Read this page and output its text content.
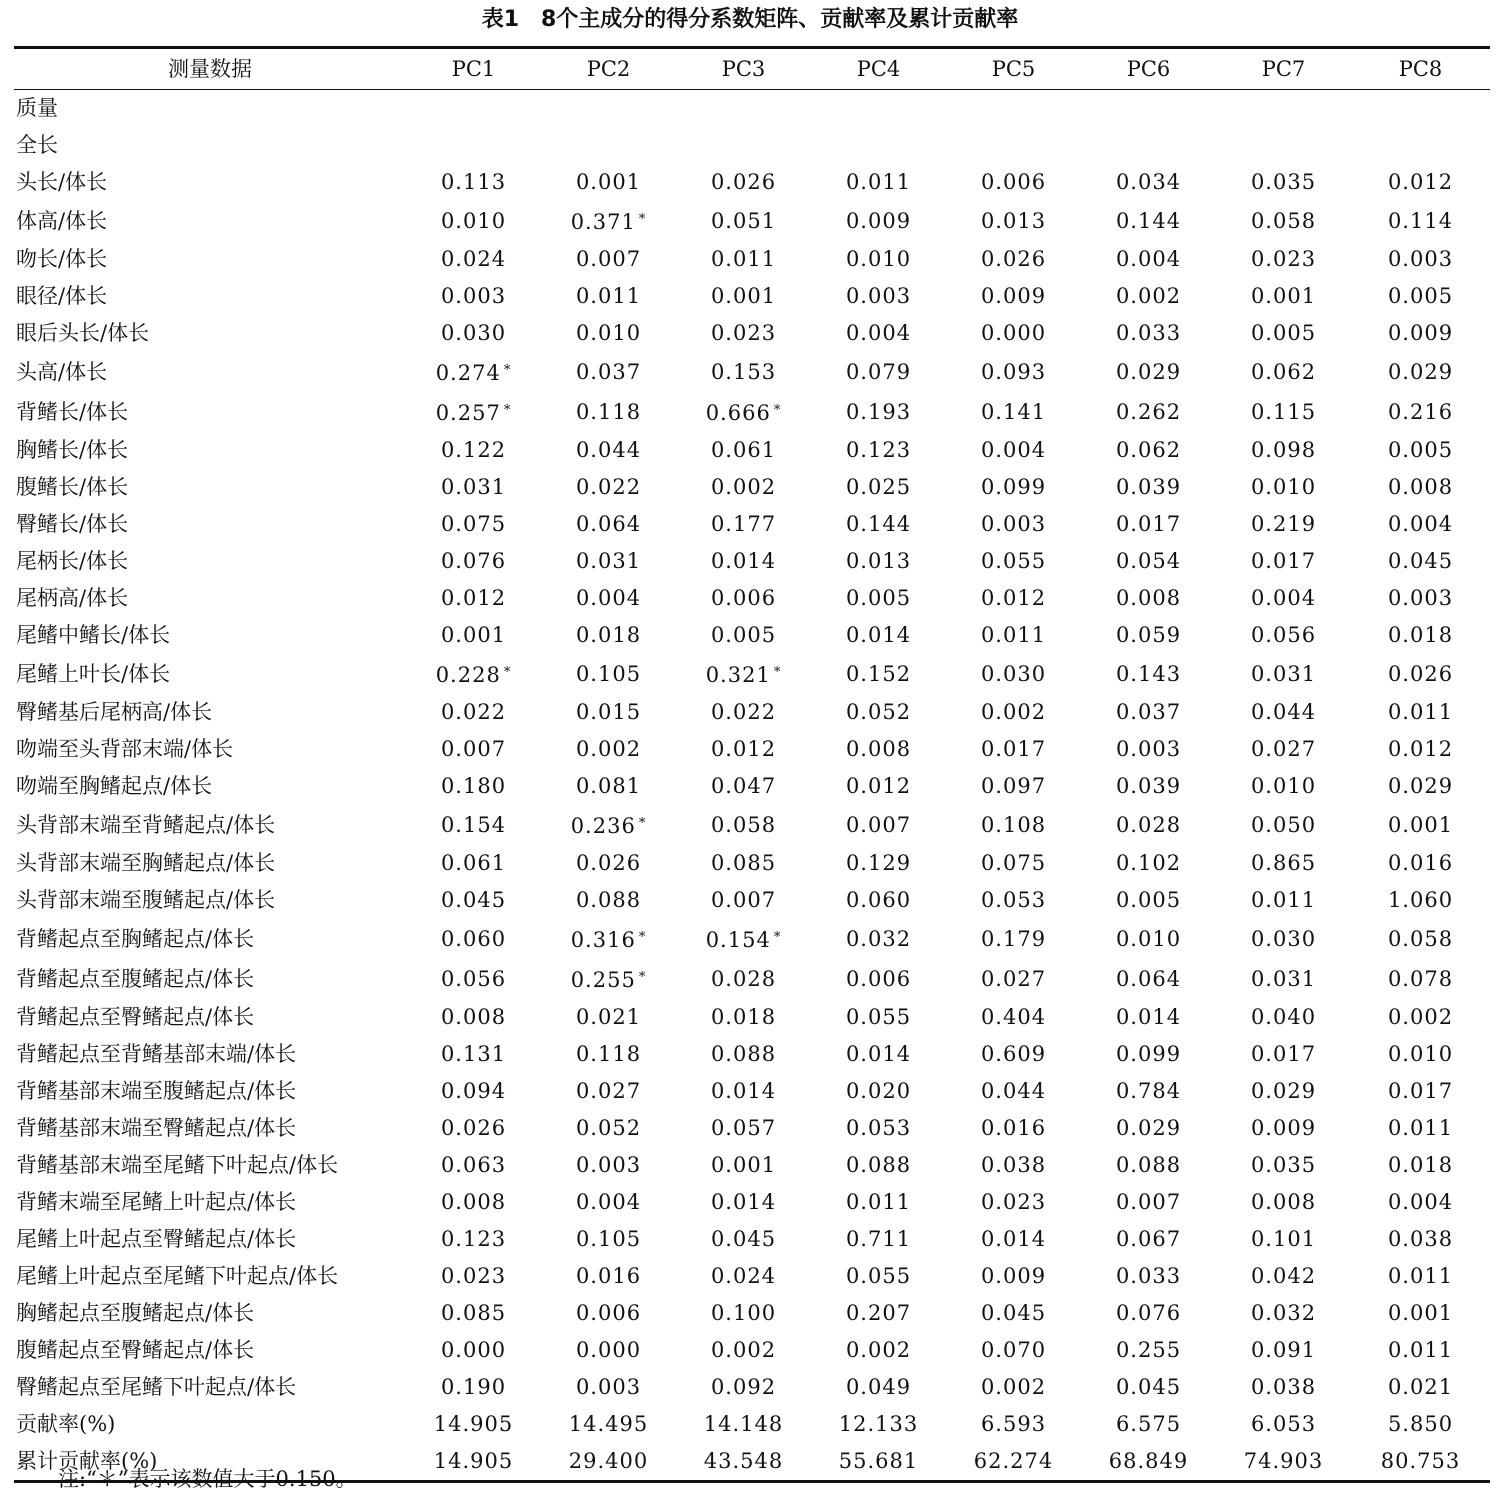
表1　8个主成分的得分系数矩阵、贡献率及累计贡献率
测量数据	PC1	PC2	PC3	PC4	PC5	PC6	PC7	PC8
质量								
全长								
头长/体长	0.113	0.001	0.026	0.011	0.006	0.034	0.035	0.012
体高/体长	0.010	0.371 *	0.051	0.009	0.013	0.144	0.058	0.114
吻长/体长	0.024	0.007	0.011	0.010	0.026	0.004	0.023	0.003
眼径/体长	0.003	0.011	0.001	0.003	0.009	0.002	0.001	0.005
眼后头长/体长	0.030	0.010	0.023	0.004	0.000	0.033	0.005	0.009
头高/体长	0.274 *	0.037	0.153	0.079	0.093	0.029	0.062	0.029
背鳍长/体长	0.257 *	0.118	0.666 *	0.193	0.141	0.262	0.115	0.216
胸鳍长/体长	0.122	0.044	0.061	0.123	0.004	0.062	0.098	0.005
腹鳍长/体长	0.031	0.022	0.002	0.025	0.099	0.039	0.010	0.008
臀鳍长/体长	0.075	0.064	0.177	0.144	0.003	0.017	0.219	0.004
尾柄长/体长	0.076	0.031	0.014	0.013	0.055	0.054	0.017	0.045
尾柄高/体长	0.012	0.004	0.006	0.005	0.012	0.008	0.004	0.003
尾鳍中鳍长/体长	0.001	0.018	0.005	0.014	0.011	0.059	0.056	0.018
尾鳍上叶长/体长	0.228 *	0.105	0.321 *	0.152	0.030	0.143	0.031	0.026
臀鳍基后尾柄高/体长	0.022	0.015	0.022	0.052	0.002	0.037	0.044	0.011
吻端至头背部末端/体长	0.007	0.002	0.012	0.008	0.017	0.003	0.027	0.012
吻端至胸鳍起点/体长	0.180	0.081	0.047	0.012	0.097	0.039	0.010	0.029
头背部末端至背鳍起点/体长	0.154	0.236 *	0.058	0.007	0.108	0.028	0.050	0.001
头背部末端至胸鳍起点/体长	0.061	0.026	0.085	0.129	0.075	0.102	0.865	0.016
头背部末端至腹鳍起点/体长	0.045	0.088	0.007	0.060	0.053	0.005	0.011	1.060
背鳍起点至胸鳍起点/体长	0.060	0.316 *	0.154 *	0.032	0.179	0.010	0.030	0.058
背鳍起点至腹鳍起点/体长	0.056	0.255 *	0.028	0.006	0.027	0.064	0.031	0.078
背鳍起点至臀鳍起点/体长	0.008	0.021	0.018	0.055	0.404	0.014	0.040	0.002
背鳍起点至背鳍基部末端/体长	0.131	0.118	0.088	0.014	0.609	0.099	0.017	0.010
背鳍基部末端至腹鳍起点/体长	0.094	0.027	0.014	0.020	0.044	0.784	0.029	0.017
背鳍基部末端至臀鳍起点/体长	0.026	0.052	0.057	0.053	0.016	0.029	0.009	0.011
背鳍基部末端至尾鳍下叶起点/体长	0.063	0.003	0.001	0.088	0.038	0.088	0.035	0.018
背鳍末端至尾鳍上叶起点/体长	0.008	0.004	0.014	0.011	0.023	0.007	0.008	0.004
尾鳍上叶起点至臀鳍起点/体长	0.123	0.105	0.045	0.711	0.014	0.067	0.101	0.038
尾鳍上叶起点至尾鳍下叶起点/体长	0.023	0.016	0.024	0.055	0.009	0.033	0.042	0.011
胸鳍起点至腹鳍起点/体长	0.085	0.006	0.100	0.207	0.045	0.076	0.032	0.001
腹鳍起点至臀鳍起点/体长	0.000	0.000	0.002	0.002	0.070	0.255	0.091	0.011
臀鳍起点至尾鳍下叶起点/体长	0.190	0.003	0.092	0.049	0.002	0.045	0.038	0.021
贡献率(%)	14.905	14.495	14.148	12.133	6.593	6.575	6.053	5.850
累计贡献率(%)	14.905	29.400	43.548	55.681	62.274	68.849	74.903	80.753
注:“＊”表示该数值大于0.150。
